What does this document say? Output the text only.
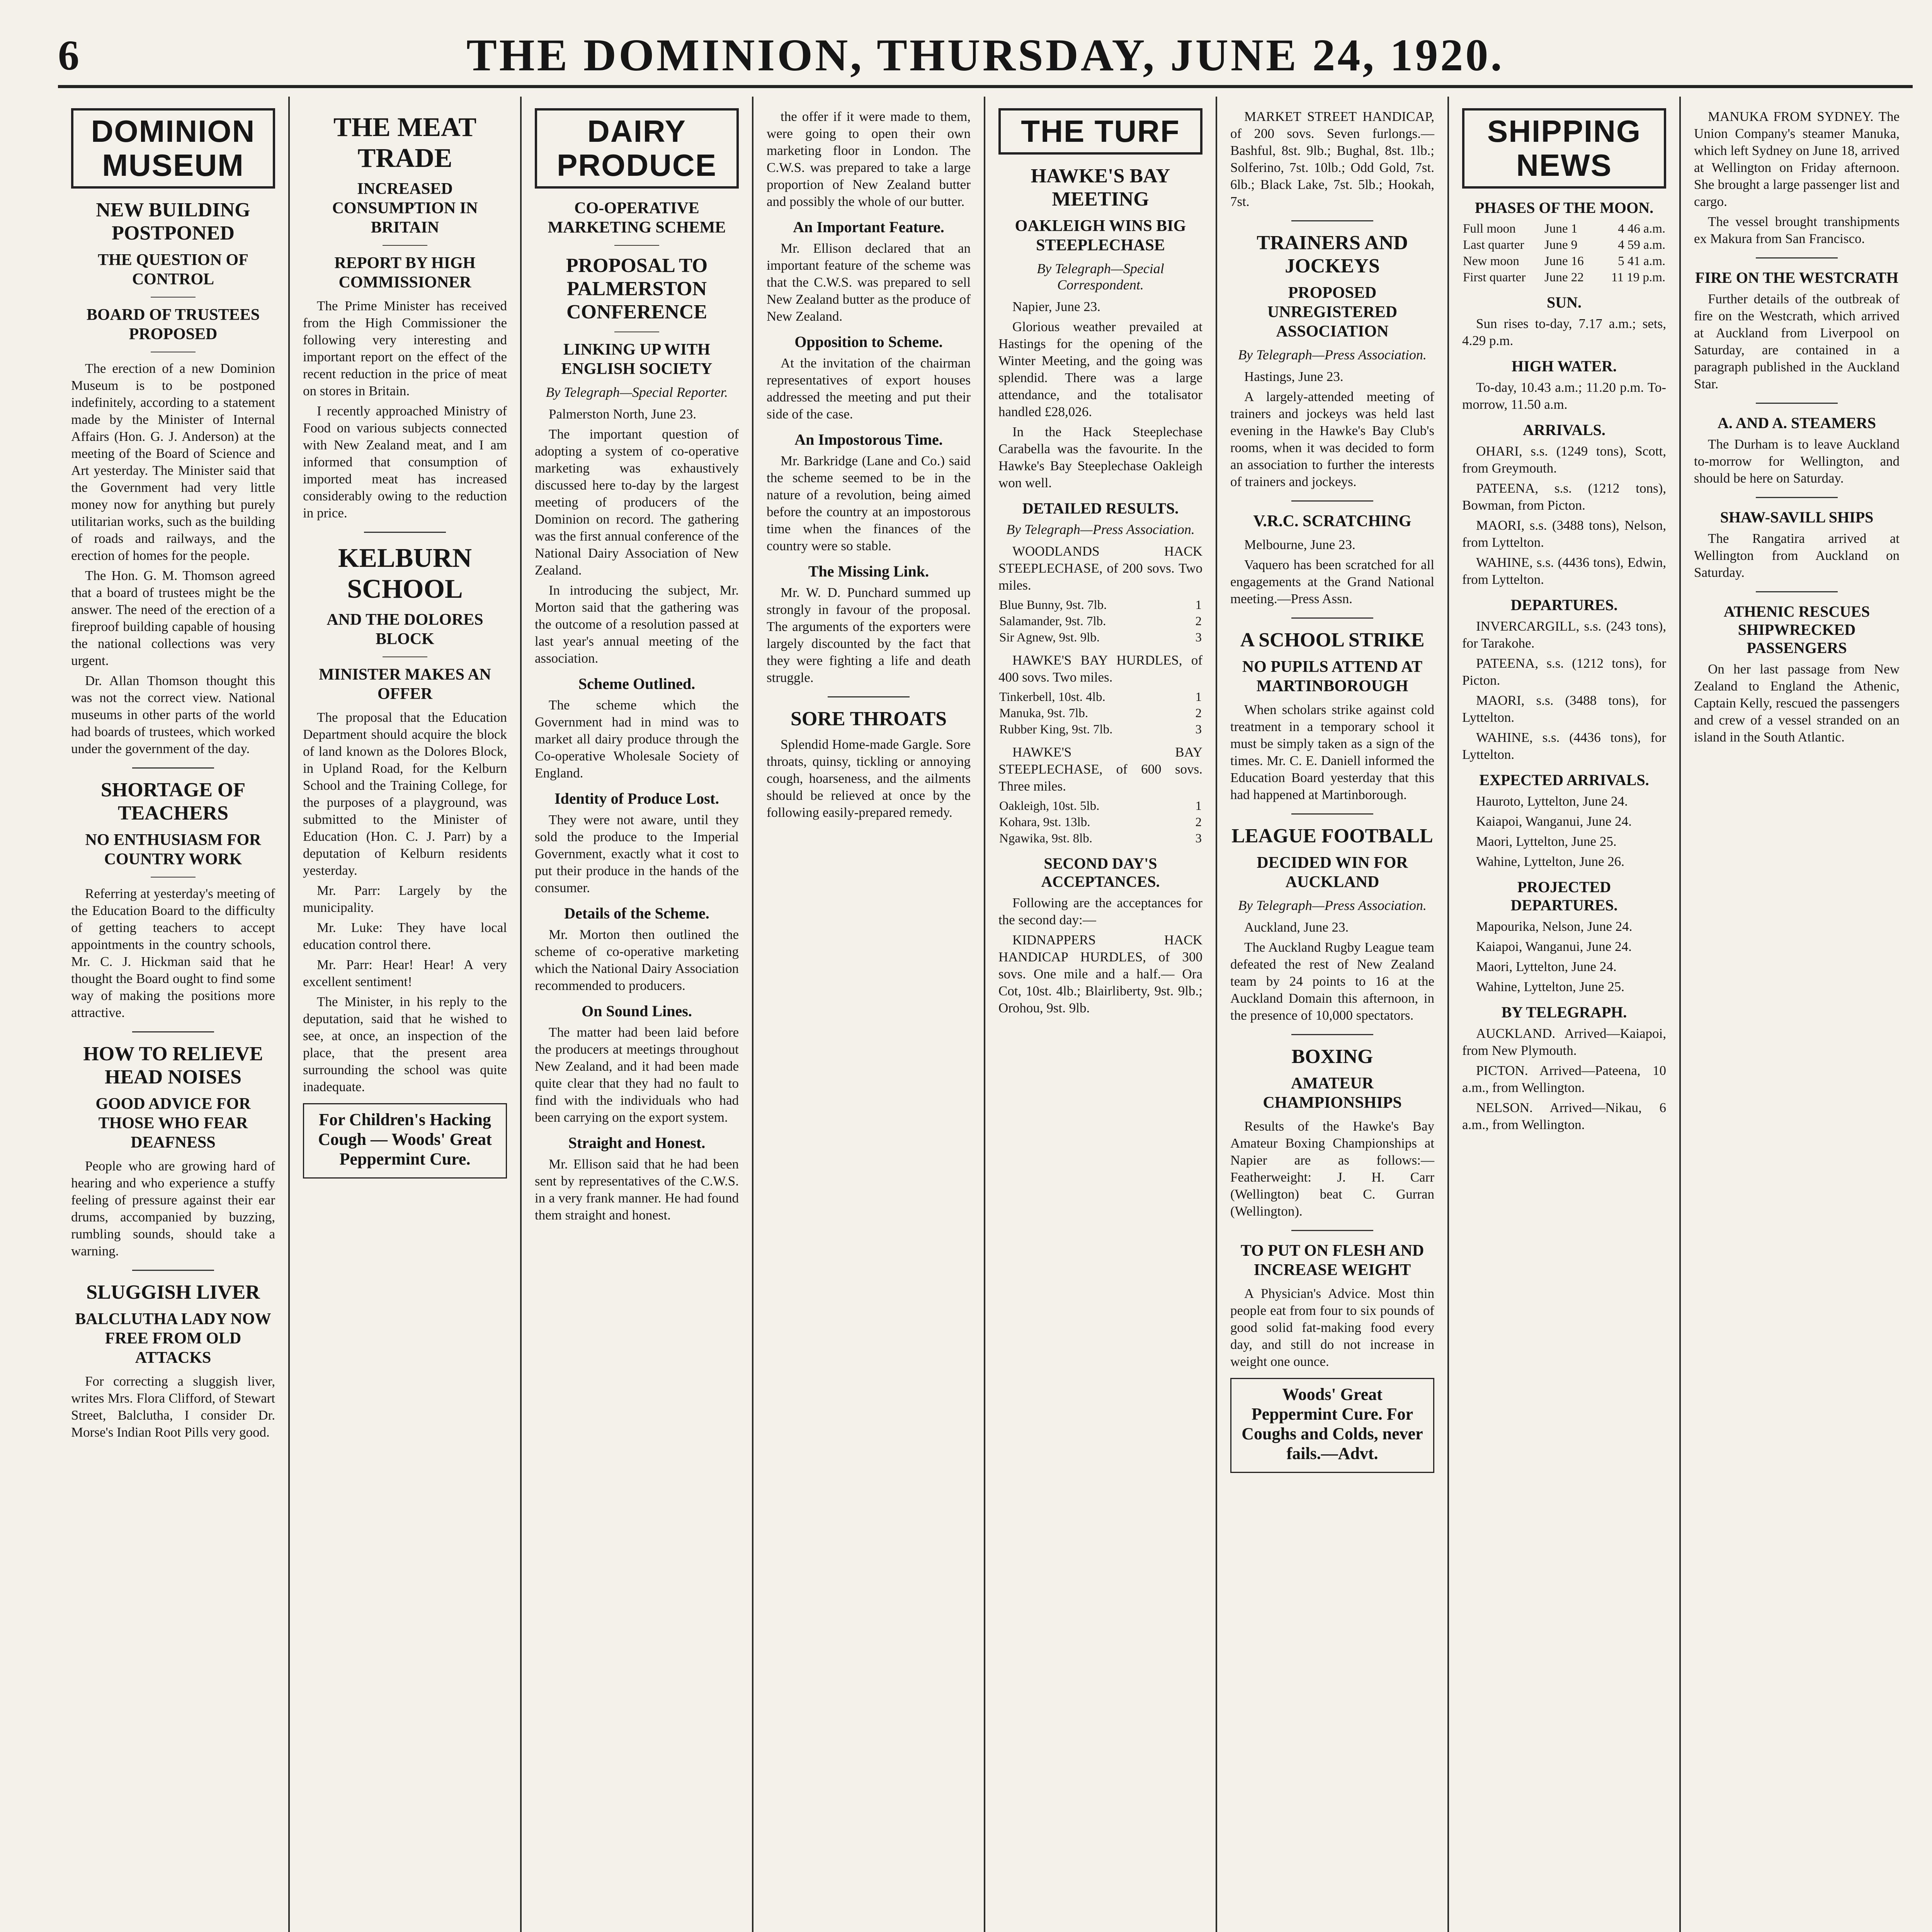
6	THE DOMINION, THURSDAY, JUNE 24, 1920.
DOMINION MUSEUM
NEW BUILDING POSTPONED
THE QUESTION OF CONTROL
BOARD OF TRUSTEES PROPOSED

The erection of a new Dominion Museum is to be postponed indefinitely, according to a statement made by the Minister of Internal Affairs (Hon. G. J. Anderson) at the meeting of the Board of Science and Art yesterday. The Minister said that the Government had very little money now for anything but purely utilitarian works, such as the building of roads and railways, and the erection of homes for the people.

The Hon. G. M. Thomson agreed that a board of trustees might be the answer. The need of the erection of a fireproof building capable of housing the national collections was very urgent.

Dr. Allan Thomson thought this was not the correct view. National museums in other parts of the world had boards of trustees, which worked under the government of the day.

SHORTAGE OF TEACHERS
NO ENTHUSIASM FOR COUNTRY WORK

Referring at yesterday's meeting of the Education Board to the difficulty of getting teachers to accept appointments in the country schools, Mr. C. J. Hickman said that he thought the Board ought to find some way of making the positions more attractive.

HOW TO RELIEVE HEAD NOISES
GOOD ADVICE FOR THOSE WHO FEAR DEAFNESS

People who are growing hard of hearing and who experience a stuffy feeling of pressure against their ear drums, accompanied by buzzing, rumbling sounds, should take a warning.

SLUGGISH LIVER
BALCLUTHA LADY NOW FREE FROM OLD ATTACKS

For correcting a sluggish liver, writes Mrs. Flora Clifford, of Stewart Street, Balclutha, I consider Dr. Morse's Indian Root Pills very good.

THE MEAT TRADE
INCREASED CONSUMPTION IN BRITAIN
REPORT BY HIGH COMMISSIONER

The Prime Minister has received from the High Commissioner the following very interesting and important report on the effect of the recent reduction in the price of meat on stores in Britain.

I recently approached Ministry of Food on various subjects connected with New Zealand meat, and I am informed that consumption of imported meat has increased considerably owing to the reduction in price.

KELBURN SCHOOL
AND THE DOLORES BLOCK
MINISTER MAKES AN OFFER

The proposal that the Education Department should acquire the block of land known as the Dolores Block, in Upland Road, for the Kelburn School and the Training College, for the purposes of a playground, was submitted to the Minister of Education (Hon. C. J. Parr) by a deputation of Kelburn residents yesterday.

Mr. Parr: Largely by the municipality.

Mr. Luke: They have local education control there.

Mr. Parr: Hear! Hear! A very excellent sentiment!

The Minister, in his reply to the deputation, said that he wished to see, at once, an inspection of the place, that the present area surrounding the school was quite inadequate.

For Children's Hacking Cough — Woods' Great Peppermint Cure.
DAIRY PRODUCE
CO-OPERATIVE MARKETING SCHEME
PROPOSAL TO PALMERSTON CONFERENCE
LINKING UP WITH ENGLISH SOCIETY
By Telegraph—Special Reporter.

Palmerston North, June 23.

The important question of adopting a system of co-operative marketing was exhaustively discussed here to-day by the largest meeting of producers of the Dominion on record. The gathering was the first annual conference of the National Dairy Association of New Zealand.

In introducing the subject, Mr. Morton said that the gathering was the outcome of a resolution passed at last year's annual meeting of the association.

Scheme Outlined.

The scheme which the Government had in mind was to market all dairy produce through the Co-operative Wholesale Society of England.

Identity of Produce Lost.

They were not aware, until they sold the produce to the Imperial Government, exactly what it cost to put their produce in the hands of the consumer.

Details of the Scheme.

Mr. Morton then outlined the scheme of co-operative marketing which the National Dairy Association recommended to producers.

On Sound Lines.

The matter had been laid before the producers at meetings throughout New Zealand, and it had been made quite clear that they had no fault to find with the individuals who had been carrying on the export system.

Straight and Honest.

Mr. Ellison said that he had been sent by representatives of the C.W.S. in a very frank manner. He had found them straight and honest.

the offer if it were made to them, were going to open their own marketing floor in London. The C.W.S. was prepared to take a large proportion of New Zealand butter and possibly the whole of our butter.

An Important Feature.

Mr. Ellison declared that an important feature of the scheme was that the C.W.S. was prepared to sell New Zealand butter as the produce of New Zealand.

Opposition to Scheme.

At the invitation of the chairman representatives of export houses addressed the meeting and put their side of the case.

An Impostorous Time.

Mr. Barkridge (Lane and Co.) said the scheme seemed to be in the nature of a revolution, being aimed before the country at an impostorous time when the finances of the country were so stable.

The Missing Link.

Mr. W. D. Punchard summed up strongly in favour of the proposal. The arguments of the exporters were largely discounted by the fact that they were fighting a life and death struggle.

SORE THROATS

Splendid Home-made Gargle. Sore throats, quinsy, tickling or annoying cough, hoarseness, and the ailments should be relieved at once by the following easily-prepared remedy.

THE TURF
HAWKE'S BAY MEETING
OAKLEIGH WINS BIG STEEPLECHASE
By Telegraph—Special Correspondent.

Napier, June 23.

Glorious weather prevailed at Hastings for the opening of the Winter Meeting, and the going was splendid. There was a large attendance, and the totalisator handled £28,026.

In the Hack Steeplechase Carabella was the favourite. In the Hawke's Bay Steeplechase Oakleigh won well.

DETAILED RESULTS.

By Telegraph—Press Association.

WOODLANDS HACK STEEPLECHASE, of 200 sovs. Two miles.

Blue Bunny, 9st. 7lb.	1
Salamander, 9st. 7lb.	2
Sir Agnew, 9st. 9lb.	3

HAWKE'S BAY HURDLES, of 400 sovs. Two miles.

Tinkerbell, 10st. 4lb.	1
Manuka, 9st. 7lb.	2
Rubber King, 9st. 7lb.	3

HAWKE'S BAY STEEPLECHASE, of 600 sovs. Three miles.

Oakleigh, 10st. 5lb.	1
Kohara, 9st. 13lb.	2
Ngawika, 9st. 8lb.	3

SECOND DAY'S ACCEPTANCES.

Following are the acceptances for the second day:—

KIDNAPPERS HACK HANDICAP HURDLES, of 300 sovs. One mile and a half.— Ora Cot, 10st. 4lb.; Blairliberty, 9st. 9lb.; Orohou, 9st. 9lb.

MARKET STREET HANDICAP, of 200 sovs. Seven furlongs.— Bashful, 8st. 9lb.; Bughal, 8st. 1lb.; Solferino, 7st. 10lb.; Odd Gold, 7st. 6lb.; Black Lake, 7st. 5lb.; Hookah, 7st.

TRAINERS AND JOCKEYS
PROPOSED UNREGISTERED ASSOCIATION
By Telegraph—Press Association.

Hastings, June 23.

A largely-attended meeting of trainers and jockeys was held last evening in the Hawke's Bay Club's rooms, when it was decided to form an association to further the interests of trainers and jockeys.

V.R.C. SCRATCHING

Melbourne, June 23.

Vaquero has been scratched for all engagements at the Grand National meeting.—Press Assn.

A SCHOOL STRIKE
NO PUPILS ATTEND AT MARTINBOROUGH

When scholars strike against cold treatment in a temporary school it must be simply taken as a sign of the times. Mr. C. E. Daniell informed the Education Board yesterday that this had happened at Martinborough.

LEAGUE FOOTBALL
DECIDED WIN FOR AUCKLAND
By Telegraph—Press Association.

Auckland, June 23.

The Auckland Rugby League team defeated the rest of New Zealand team by 24 points to 16 at the Auckland Domain this afternoon, in the presence of 10,000 spectators.

BOXING
AMATEUR CHAMPIONSHIPS

Results of the Hawke's Bay Amateur Boxing Championships at Napier are as follows:—Featherweight: J. H. Carr (Wellington) beat C. Gurran (Wellington).

TO PUT ON FLESH AND INCREASE WEIGHT

A Physician's Advice. Most thin people eat from four to six pounds of good solid fat-making food every day, and still do not increase in weight one ounce.

Woods' Great Peppermint Cure. For Coughs and Colds, never fails.—Advt.
SHIPPING NEWS

PHASES OF THE MOON.

Full moon	June 1	4 46 a.m.
Last quarter	June 9	4 59 a.m.
New moon	June 16	5 41 a.m.
First quarter	June 22	11 19 p.m.

SUN.

Sun rises to-day, 7.17 a.m.; sets, 4.29 p.m.

HIGH WATER.

To-day, 10.43 a.m.; 11.20 p.m. To-morrow, 11.50 a.m.

ARRIVALS.

OHARI, s.s. (1249 tons), Scott, from Greymouth.

PATEENA, s.s. (1212 tons), Bowman, from Picton.

MAORI, s.s. (3488 tons), Nelson, from Lyttelton.

WAHINE, s.s. (4436 tons), Edwin, from Lyttelton.

DEPARTURES.

INVERCARGILL, s.s. (243 tons), for Tarakohe.

PATEENA, s.s. (1212 tons), for Picton.

MAORI, s.s. (3488 tons), for Lyttelton.

WAHINE, s.s. (4436 tons), for Lyttelton.

EXPECTED ARRIVALS.

Hauroto, Lyttelton, June 24.

Kaiapoi, Wanganui, June 24.

Maori, Lyttelton, June 25.

Wahine, Lyttelton, June 26.

PROJECTED DEPARTURES.

Mapourika, Nelson, June 24.

Kaiapoi, Wanganui, June 24.

Maori, Lyttelton, June 24.

Wahine, Lyttelton, June 25.

BY TELEGRAPH.

AUCKLAND. Arrived—Kaiapoi, from New Plymouth.

PICTON. Arrived—Pateena, 10 a.m., from Wellington.

NELSON. Arrived—Nikau, 6 a.m., from Wellington.

MANUKA FROM SYDNEY. The Union Company's steamer Manuka, which left Sydney on June 18, arrived at Wellington on Friday afternoon. She brought a large passenger list and cargo.

The vessel brought transhipments ex Makura from San Francisco.

FIRE ON THE WESTCRATH

Further details of the outbreak of fire on the Westcrath, which arrived at Auckland from Liverpool on Saturday, are contained in a paragraph published in the Auckland Star.

A. AND A. STEAMERS

The Durham is to leave Auckland to-morrow for Wellington, and should be here on Saturday.

SHAW-SAVILL SHIPS

The Rangatira arrived at Wellington from Auckland on Saturday.

ATHENIC RESCUES SHIPWRECKED PASSENGERS

On her last passage from New Zealand to England the Athenic, Captain Kelly, rescued the passengers and crew of a vessel stranded on an island in the South Atlantic.
